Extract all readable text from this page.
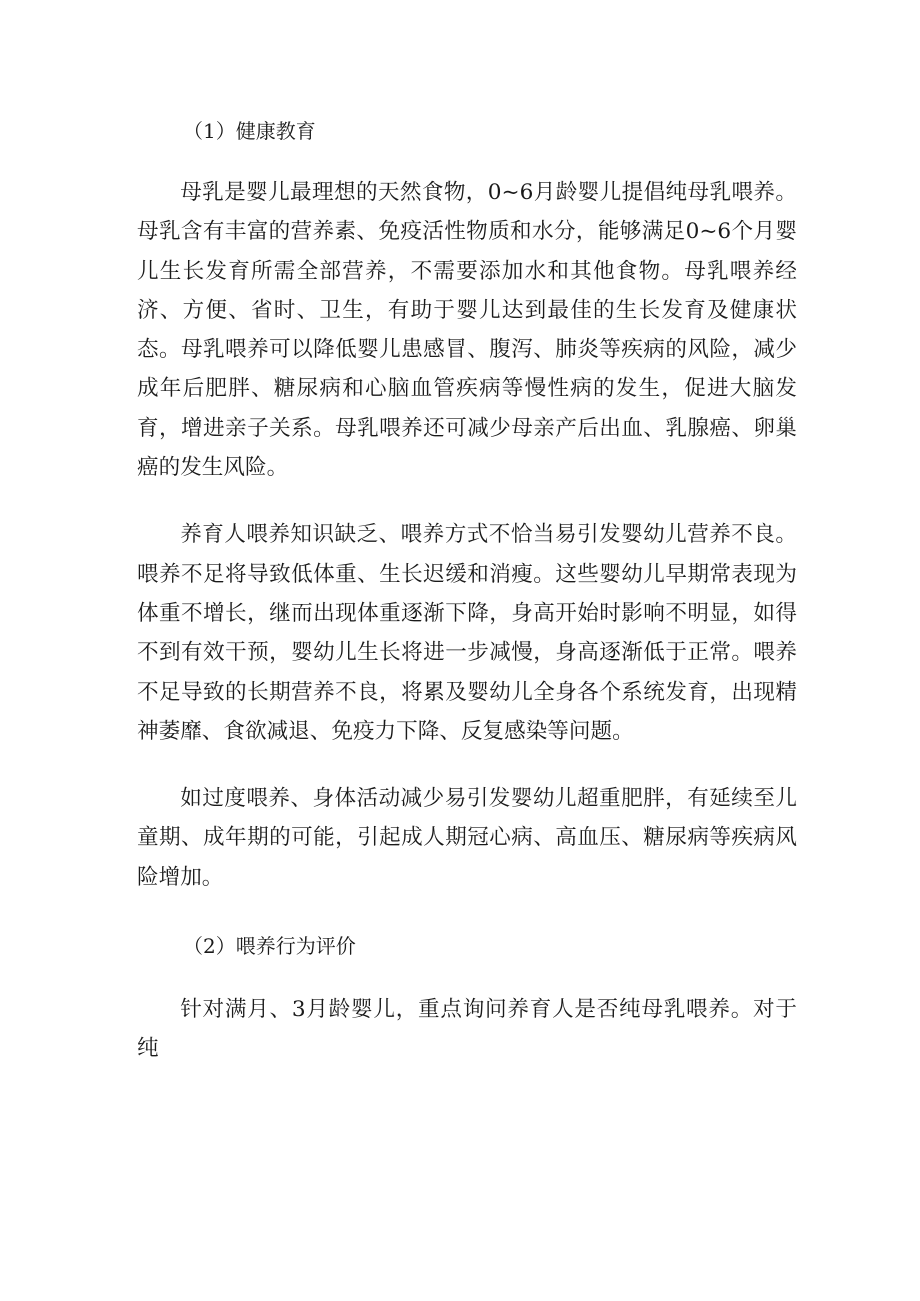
（1）健康教育

母乳是婴儿最理想的天然食物，0~6月龄婴儿提倡纯母乳喂养。母乳含有丰富的营养素、免疫活性物质和水分，能够满足0~6个月婴儿生长发育所需全部营养，不需要添加水和其他食物。母乳喂养经济、方便、省时、卫生，有助于婴儿达到最佳的生长发育及健康状态。母乳喂养可以降低婴儿患感冒、腹泻、肺炎等疾病的风险，减少成年后肥胖、糖尿病和心脑血管疾病等慢性病的发生，促进大脑发育，增进亲子关系。母乳喂养还可减少母亲产后出血、乳腺癌、卵巢癌的发生风险。

养育人喂养知识缺乏、喂养方式不恰当易引发婴幼儿营养不良。喂养不足将导致低体重、生长迟缓和消瘦。这些婴幼儿早期常表现为体重不增长，继而出现体重逐渐下降，身高开始时影响不明显，如得不到有效干预，婴幼儿生长将进一步减慢，身高逐渐低于正常。喂养不足导致的长期营养不良，将累及婴幼儿全身各个系统发育，出现精神萎靡、食欲减退、免疫力下降、反复感染等问题。

如过度喂养、身体活动减少易引发婴幼儿超重肥胖，有延续至儿童期、成年期的可能，引起成人期冠心病、高血压、糖尿病等疾病风险增加。

（2）喂养行为评价

针对满月、3月龄婴儿，重点询问养育人是否纯母乳喂养。对于纯
